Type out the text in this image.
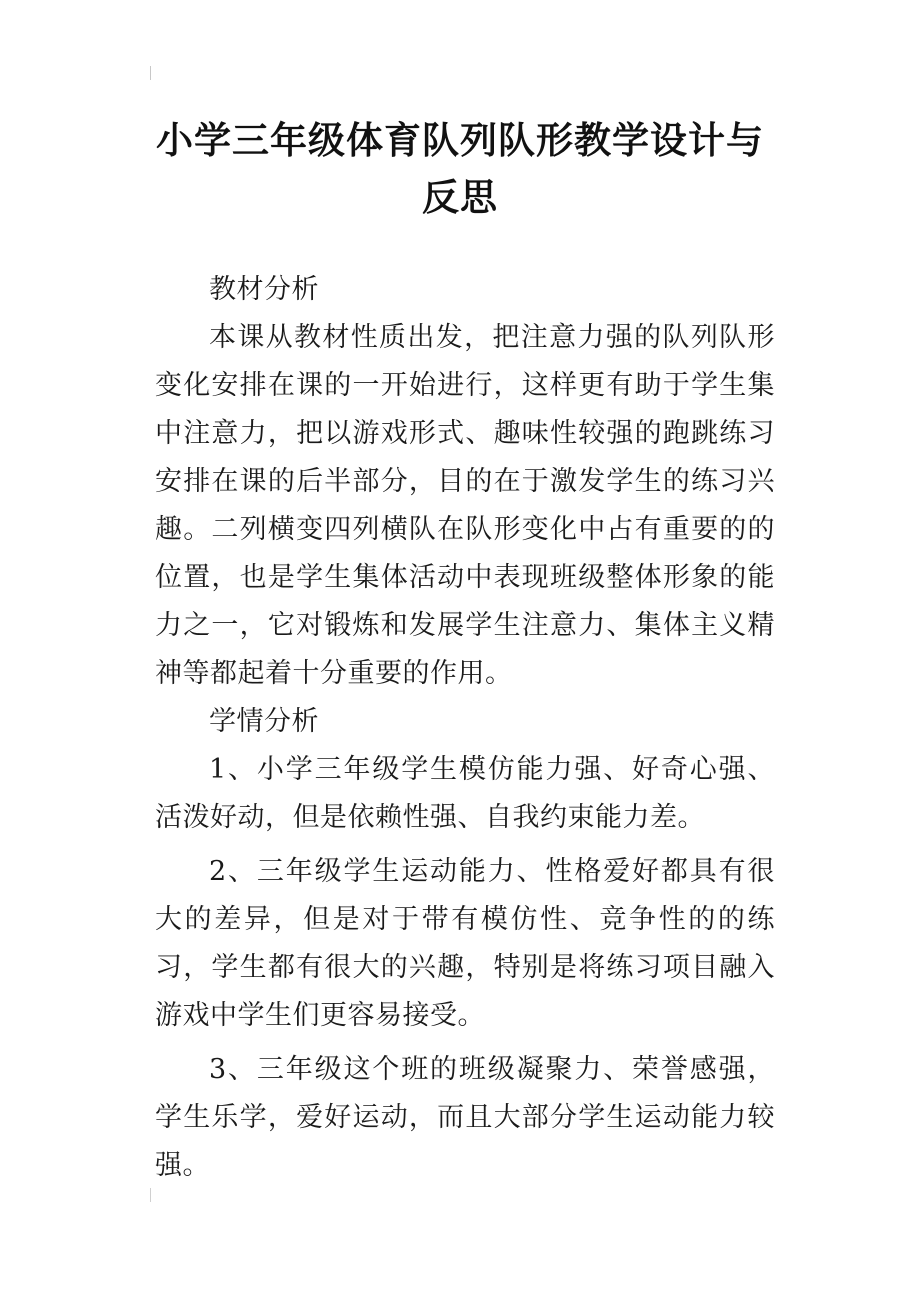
小学三年级体育队列队形教学设计与反思

教材分析

本课从教材性质出发，把注意力强的队列队形变化安排在课的一开始进行，这样更有助于学生集中注意力，把以游戏形式、趣味性较强的跑跳练习安排在课的后半部分，目的在于激发学生的练习兴趣。二列横变四列横队在队形变化中占有重要的的位置，也是学生集体活动中表现班级整体形象的能力之一，它对锻炼和发展学生注意力、集体主义精神等都起着十分重要的作用。

学情分析

1、小学三年级学生模仿能力强、好奇心强、活泼好动，但是依赖性强、自我约束能力差。

2、三年级学生运动能力、性格爱好都具有很大的差异，但是对于带有模仿性、竞争性的的练习，学生都有很大的兴趣，特别是将练习项目融入游戏中学生们更容易接受。

3、三年级这个班的班级凝聚力、荣誉感强，学生乐学，爱好运动，而且大部分学生运动能力较强。
